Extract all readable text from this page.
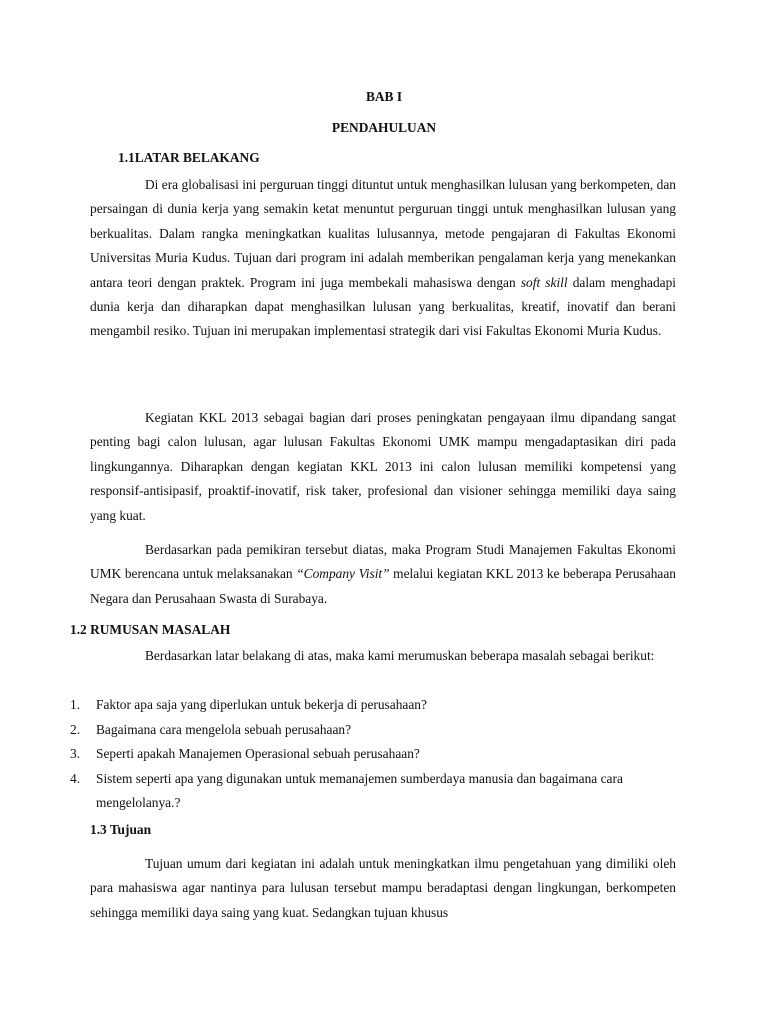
BAB I
PENDAHULUAN
1.1LATAR BELAKANG

Di era globalisasi ini perguruan tinggi dituntut untuk menghasilkan lulusan yang berkompeten, dan persaingan di dunia kerja yang semakin ketat menuntut perguruan tinggi untuk menghasilkan lulusan yang berkualitas. Dalam rangka meningkatkan kualitas lulusannya, metode pengajaran di Fakultas Ekonomi Universitas Muria Kudus. Tujuan dari program ini adalah memberikan pengalaman kerja yang menekankan antara teori dengan praktek. Program ini juga membekali mahasiswa dengan soft skill dalam menghadapi dunia kerja dan diharapkan dapat menghasilkan lulusan yang berkualitas, kreatif, inovatif dan berani mengambil resiko. Tujuan ini merupakan implementasi strategik dari visi Fakultas Ekonomi Muria Kudus.

Kegiatan KKL 2013 sebagai bagian dari proses peningkatan pengayaan ilmu dipandang sangat penting bagi calon lulusan, agar lulusan Fakultas Ekonomi UMK mampu mengadaptasikan diri pada lingkungannya. Diharapkan dengan kegiatan KKL 2013 ini calon lulusan memiliki kompetensi yang responsif-antisipasif, proaktif-inovatif, risk taker, profesional dan visioner sehingga memiliki daya saing yang kuat.

Berdasarkan pada pemikiran tersebut diatas, maka Program Studi Manajemen Fakultas Ekonomi UMK berencana untuk melaksanakan “Company Visit” melalui kegiatan KKL 2013 ke beberapa Perusahaan Negara dan Perusahaan Swasta di Surabaya.

1.2 RUMUSAN MASALAH

Berdasarkan latar belakang di atas, maka kami merumuskan beberapa masalah sebagai berikut:

1. Faktor apa saja yang diperlukan untuk bekerja di perusahaan?
2. Bagaimana cara mengelola sebuah perusahaan?
3. Seperti apakah Manajemen Operasional sebuah perusahaan?
4. Sistem seperti apa yang digunakan untuk memanajemen sumberdaya manusia dan bagaimana cara mengelolanya.?
1.3 Tujuan

Tujuan umum dari kegiatan ini adalah untuk meningkatkan ilmu pengetahuan yang dimiliki oleh para mahasiswa agar nantinya para lulusan tersebut mampu beradaptasi dengan lingkungan, berkompeten sehingga memiliki daya saing yang kuat. Sedangkan tujuan khusus
